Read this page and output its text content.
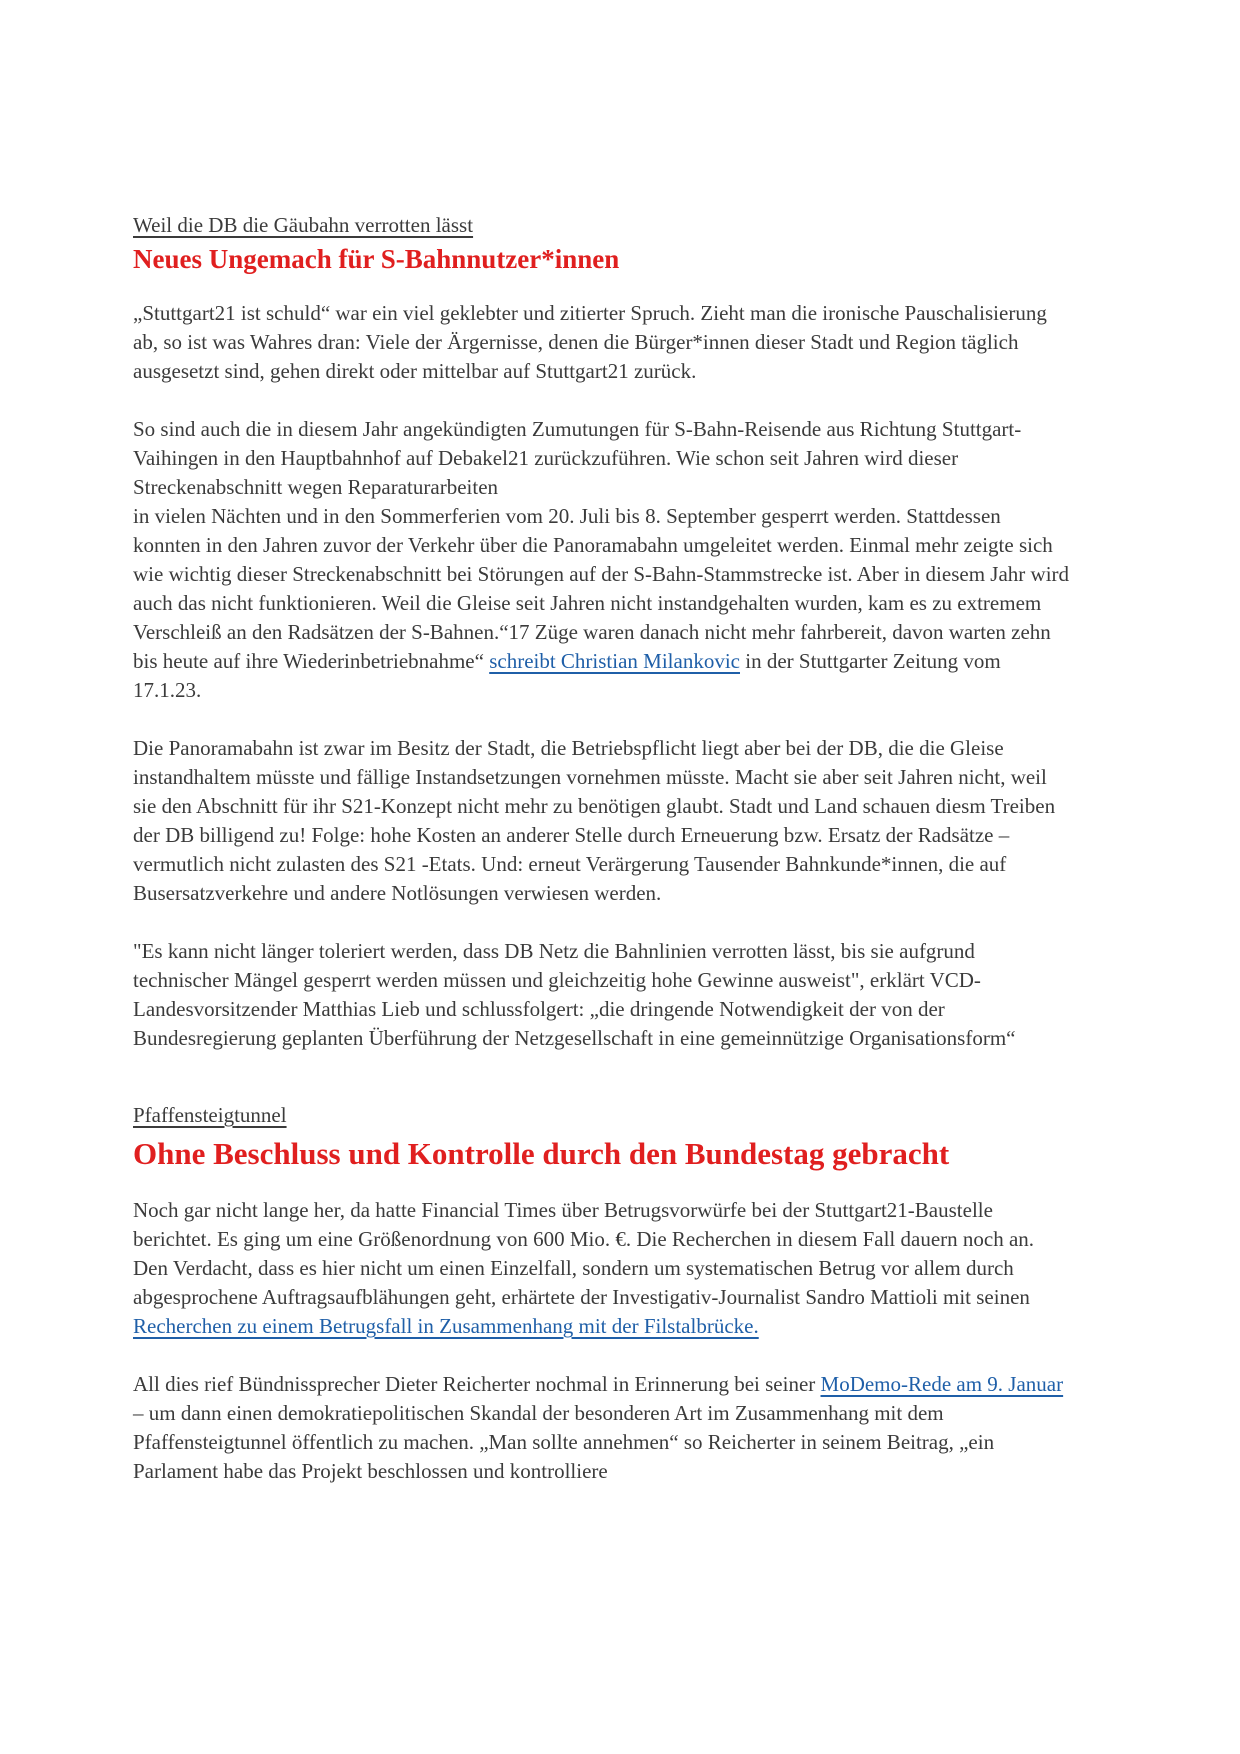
Weil die DB die Gäubahn verrotten lässt

Neues Ungemach für S-Bahnnutzer*innen

„Stuttgart21 ist schuld“ war ein viel geklebter und zitierter Spruch. Zieht man die ironische Pauschalisierung ab, so ist was Wahres dran: Viele der Ärgernisse, denen die Bürger*innen dieser Stadt und Region täglich ausgesetzt sind, gehen direkt oder mittelbar auf Stuttgart21 zurück.

So sind auch die in diesem Jahr angekündigten Zumutungen für S-Bahn-Reisende aus Richtung Stuttgart-Vaihingen in den Hauptbahnhof auf Debakel21 zurückzuführen. Wie schon seit Jahren wird dieser Streckenabschnitt wegen Reparaturarbeiten
in vielen Nächten und in den Sommerferien vom 20. Juli bis 8. September gesperrt werden. Stattdessen konnten in den Jahren zuvor der Verkehr über die Panoramabahn umgeleitet werden. Einmal mehr zeigte sich wie wichtig dieser Streckenabschnitt bei Störungen auf der S-Bahn-Stammstrecke ist. Aber in diesem Jahr wird auch das nicht funktionieren. Weil die Gleise seit Jahren nicht instandgehalten wurden, kam es zu extremem Verschleiß an den Radsätzen der S-Bahnen.“17 Züge waren danach nicht mehr fahrbereit, davon warten zehn bis heute auf ihre Wiederinbetriebnahme“ schreibt Christian Milankovic in der Stuttgarter Zeitung vom 17.1.23.

Die Panoramabahn ist zwar im Besitz der Stadt, die Betriebspflicht liegt aber bei der DB, die die Gleise instandhaltem müsste und fällige Instandsetzungen vornehmen müsste. Macht sie aber seit Jahren nicht, weil sie den Abschnitt für ihr S21-Konzept nicht mehr zu benötigen glaubt. Stadt und Land schauen diesm Treiben der DB billigend zu! Folge: hohe Kosten an anderer Stelle durch Erneuerung bzw. Ersatz der Radsätze – vermutlich nicht zulasten des S21 -Etats. Und: erneut Verärgerung Tausender Bahnkunde*innen, die auf Busersatzverkehre und andere Notlösungen verwiesen werden.

"Es kann nicht länger toleriert werden, dass DB Netz die Bahnlinien verrotten lässt, bis sie aufgrund technischer Mängel gesperrt werden müssen und gleichzeitig hohe Gewinne ausweist", erklärt VCD-Landesvorsitzender Matthias Lieb und schlussfolgert: „die dringende Notwendigkeit der von der Bundesregierung geplanten Überführung der Netzgesellschaft in eine gemeinnützige Organisationsform“

Pfaffensteigtunnel

Ohne Beschluss und Kontrolle durch den Bundestag gebracht

Noch gar nicht lange her, da hatte Financial Times über Betrugsvorwürfe bei der Stuttgart21-Baustelle berichtet. Es ging um eine Größenordnung von 600 Mio. €. Die Recherchen in diesem Fall dauern noch an. Den Verdacht, dass es hier nicht um einen Einzelfall, sondern um systematischen Betrug vor allem durch abgesprochene Auftragsaufblähungen geht, erhärtete der Investigativ-Journalist Sandro Mattioli mit seinen Recherchen zu einem Betrugsfall in Zusammenhang mit der Filstalbrücke.

All dies rief Bündnissprecher Dieter Reicherter nochmal in Erinnerung bei seiner MoDemo-Rede am 9. Januar – um dann einen demokratiepolitischen Skandal der besonderen Art im Zusammenhang mit dem Pfaffensteigtunnel öffentlich zu machen. „Man sollte annehmen“ so Reicherter in seinem Beitrag, „ein Parlament habe das Projekt beschlossen und kontrolliere
